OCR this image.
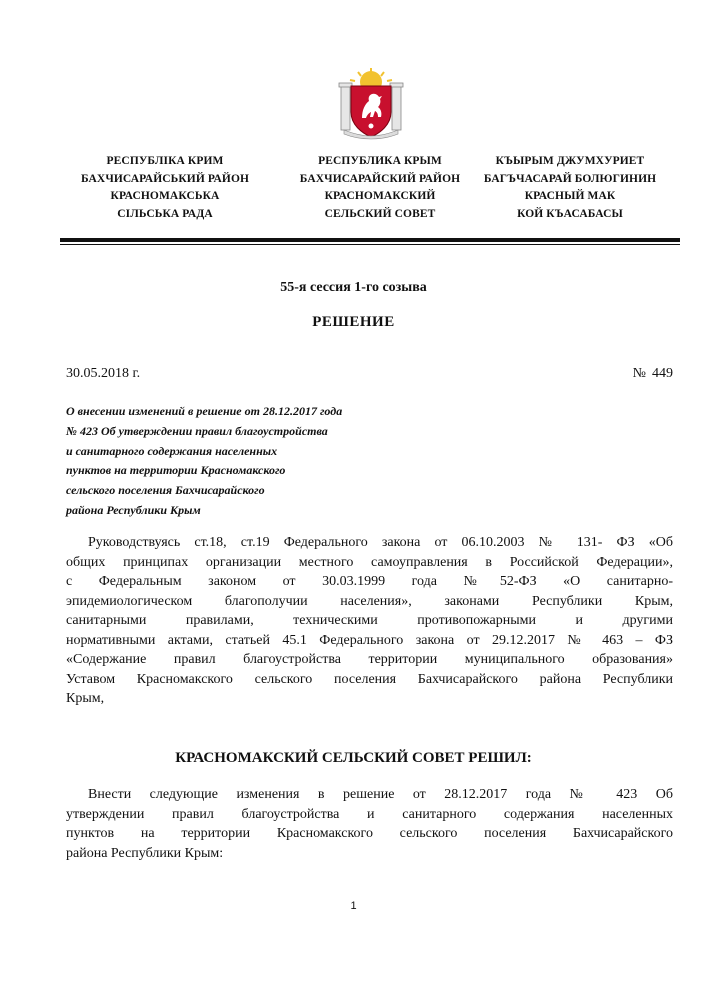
РЕСПУБЛІКА КРИМ
БАХЧИСАРАЙСЬКИЙ РАЙОН
КРАСНОМАКСЬКА
СІЛЬСЬКА РАДА
РЕСПУБЛИКА КРЫМ
БАХЧИСАРАЙСКИЙ РАЙОН
КРАСНОМАКСКИЙ
СЕЛЬСКИЙ СОВЕТ
КЪЫРЫМ ДЖУМХУРИЕТ
БАГЪЧАСАРАЙ БОЛЮГИНИН
КРАСНЫЙ МАК
КОЙ КЪАСАБАСЫ
55-я сессия 1-го созыва
РЕШЕНИЕ
30.05.2018 г.	№ 449
О внесении изменений в решение от 28.12.2017 года
№ 423 Об утверждении правил благоустройства
и санитарного содержания населенных
пунктов на территории Красномакского
сельского поселения Бахчисарайского
района Республики Крым
Руководствуясь ст.18, ст.19 Федерального закона от 06.10.2003 № 131- ФЗ «Об
общих принципах организации местного самоуправления в Российской Федерации»,
с Федеральным законом от 30.03.1999 года №52-ФЗ «О санитарно-
эпидемиологическом благополучии населения», законами Республики Крым,
санитарными правилами, техническими противопожарными и другими
нормативными актами, статьей 45.1 Федерального закона от 29.12.2017 № 463 – ФЗ
«Содержание правил благоустройства территории муниципального образования»
Уставом Красномакского сельского поселения Бахчисарайского района Республики
Крым,
КРАСНОМАКСКИЙ СЕЛЬСКИЙ СОВЕТ РЕШИЛ:
Внести следующие изменения в решение от 28.12.2017 года № 423 Об
утверждении правил благоустройства и санитарного содержания населенных
пунктов на территории Красномакского сельского поселения Бахчисарайского
района Республики Крым:
1
